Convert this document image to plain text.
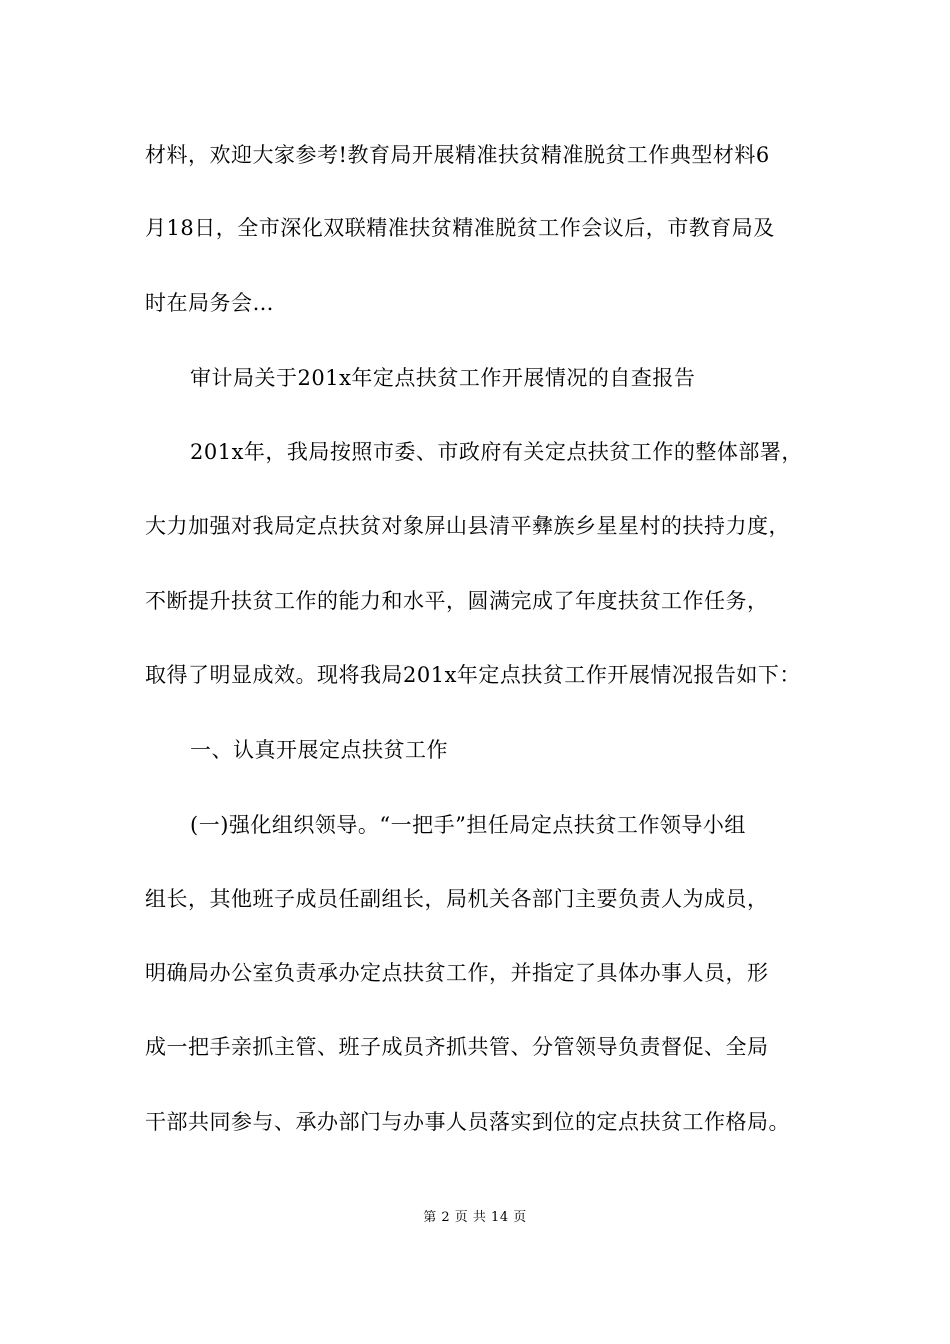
材料，欢迎大家参考!教育局开展精准扶贫精准脱贫工作典型材料6
月18日，全市深化双联精准扶贫精准脱贫工作会议后，市教育局及
时在局务会…
审计局关于201x年定点扶贫工作开展情况的自查报告
201x年，我局按照市委、市政府有关定点扶贫工作的整体部署，
大力加强对我局定点扶贫对象屏山县清平彝族乡星星村的扶持力度，
不断提升扶贫工作的能力和水平，圆满完成了年度扶贫工作任务，
取得了明显成效。现将我局201x年定点扶贫工作开展情况报告如下：
一、认真开展定点扶贫工作
(一)强化组织领导。“一把手”担任局定点扶贫工作领导小组
组长，其他班子成员任副组长，局机关各部门主要负责人为成员，
明确局办公室负责承办定点扶贫工作，并指定了具体办事人员，形
成一把手亲抓主管、班子成员齐抓共管、分管领导负责督促、全局
干部共同参与、承办部门与办事人员落实到位的定点扶贫工作格局。
第 2 页 共 14 页
